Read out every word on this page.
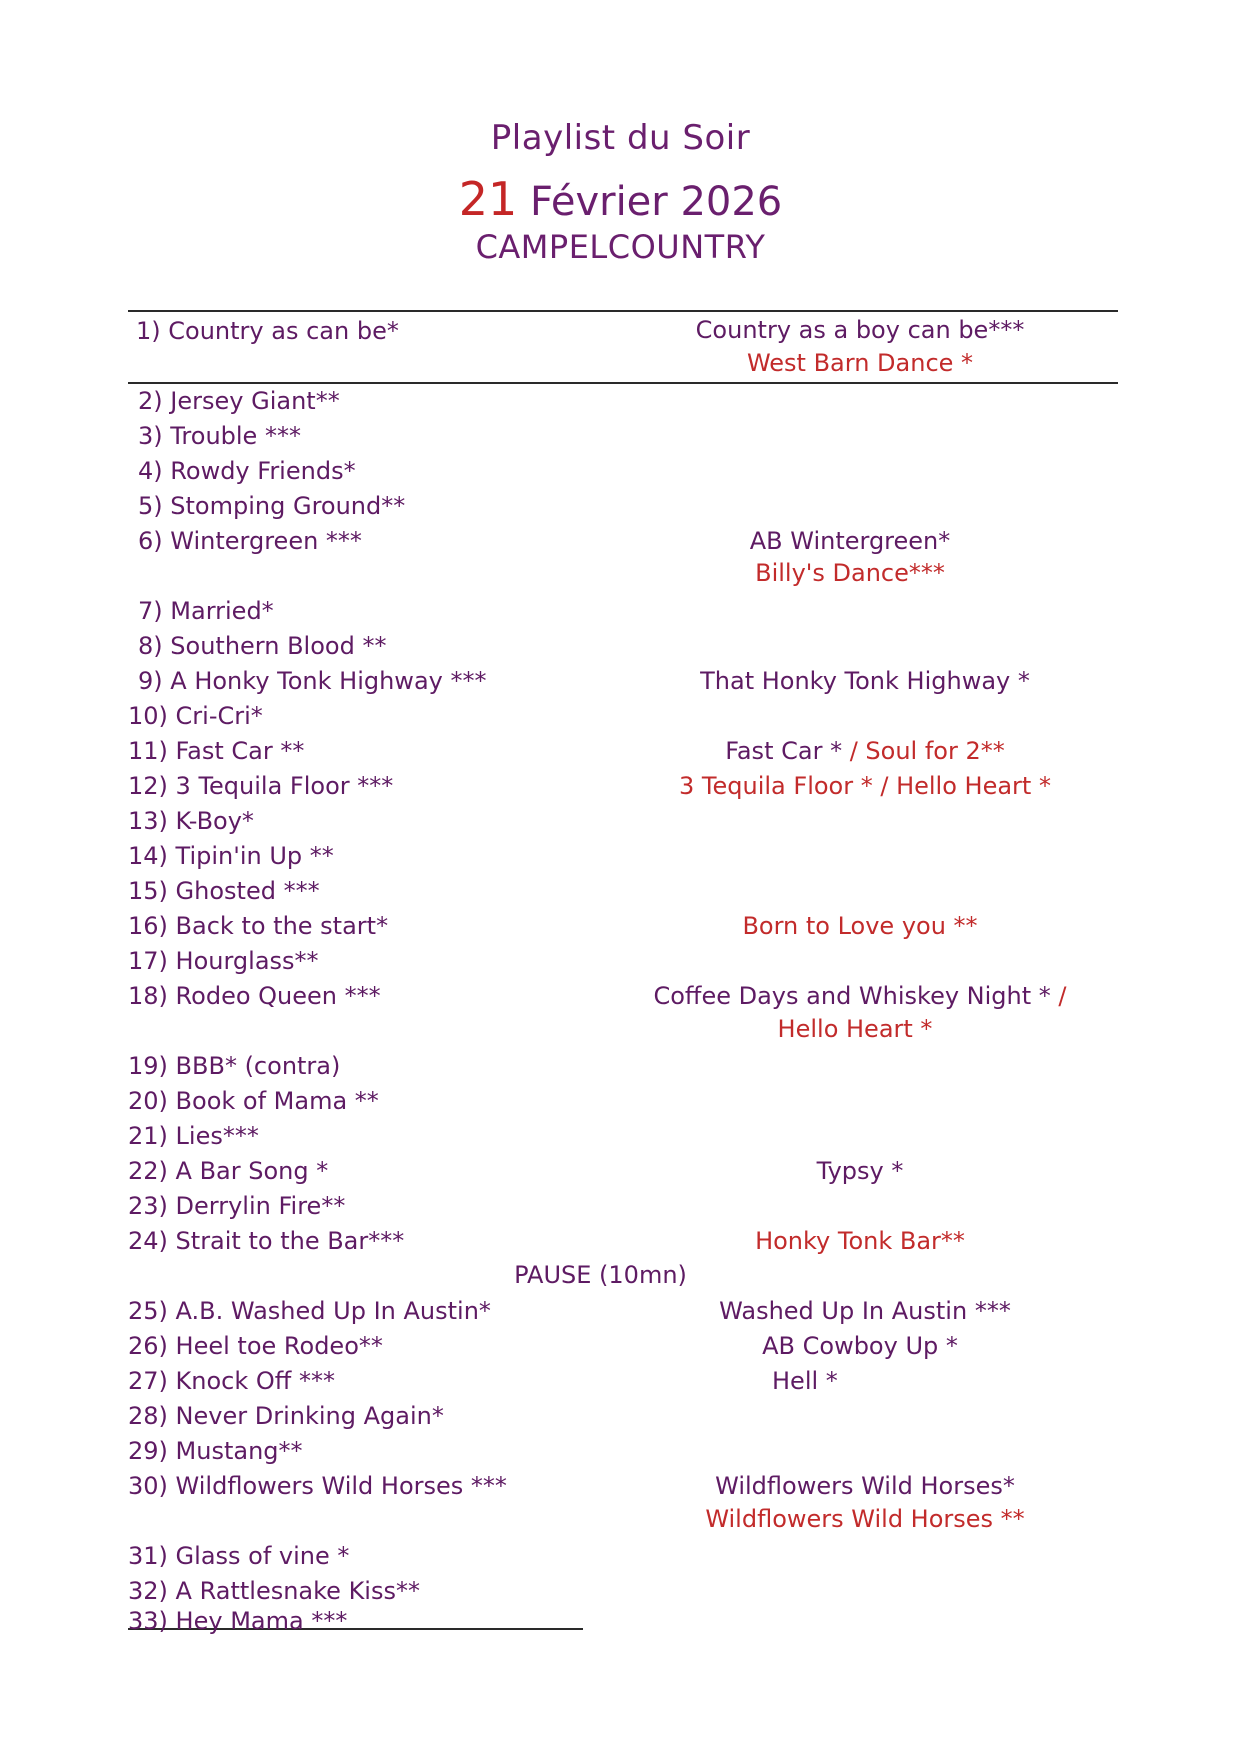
Playlist du Soir
21 Février 2026
CAMPELCOUNTRY
1) Country as can be*
2) Jersey Giant**
3) Trouble ***
4) Rowdy Friends*
5) Stomping Ground**
6) Wintergreen ***
7) Married*
8) Southern Blood **
9) A Honky Tonk Highway ***
10) Cri-Cri*
11) Fast Car **
12) 3 Tequila Floor ***
13) K-Boy*
14) Tipin'in Up **
15) Ghosted ***
16) Back to the start*
17) Hourglass**
18) Rodeo Queen ***
19) BBB* (contra)
20) Book of Mama **
21) Lies***
22) A Bar Song *
23) Derrylin Fire**
24) Strait to the Bar***
PAUSE (10mn)
25) A.B. Washed Up In Austin*
26) Heel toe Rodeo**
27) Knock Off ***
28) Never Drinking Again*
29) Mustang**
30) Wildflowers Wild Horses ***
31) Glass of vine *
32) A Rattlesnake Kiss**
33) Hey Mama ***
Country as a boy can be***
West Barn Dance *
AB Wintergreen*
Billy's Dance***
That Honky Tonk Highway *
Fast Car * / Soul for 2**
3 Tequila Floor * / Hello Heart *
Born to Love you **
Coffee Days and Whiskey Night * /
Hello Heart *
Typsy *
Honky Tonk Bar**
Washed Up In Austin ***
AB Cowboy Up *
Hell *
Wildflowers Wild Horses*
Wildflowers Wild Horses **
